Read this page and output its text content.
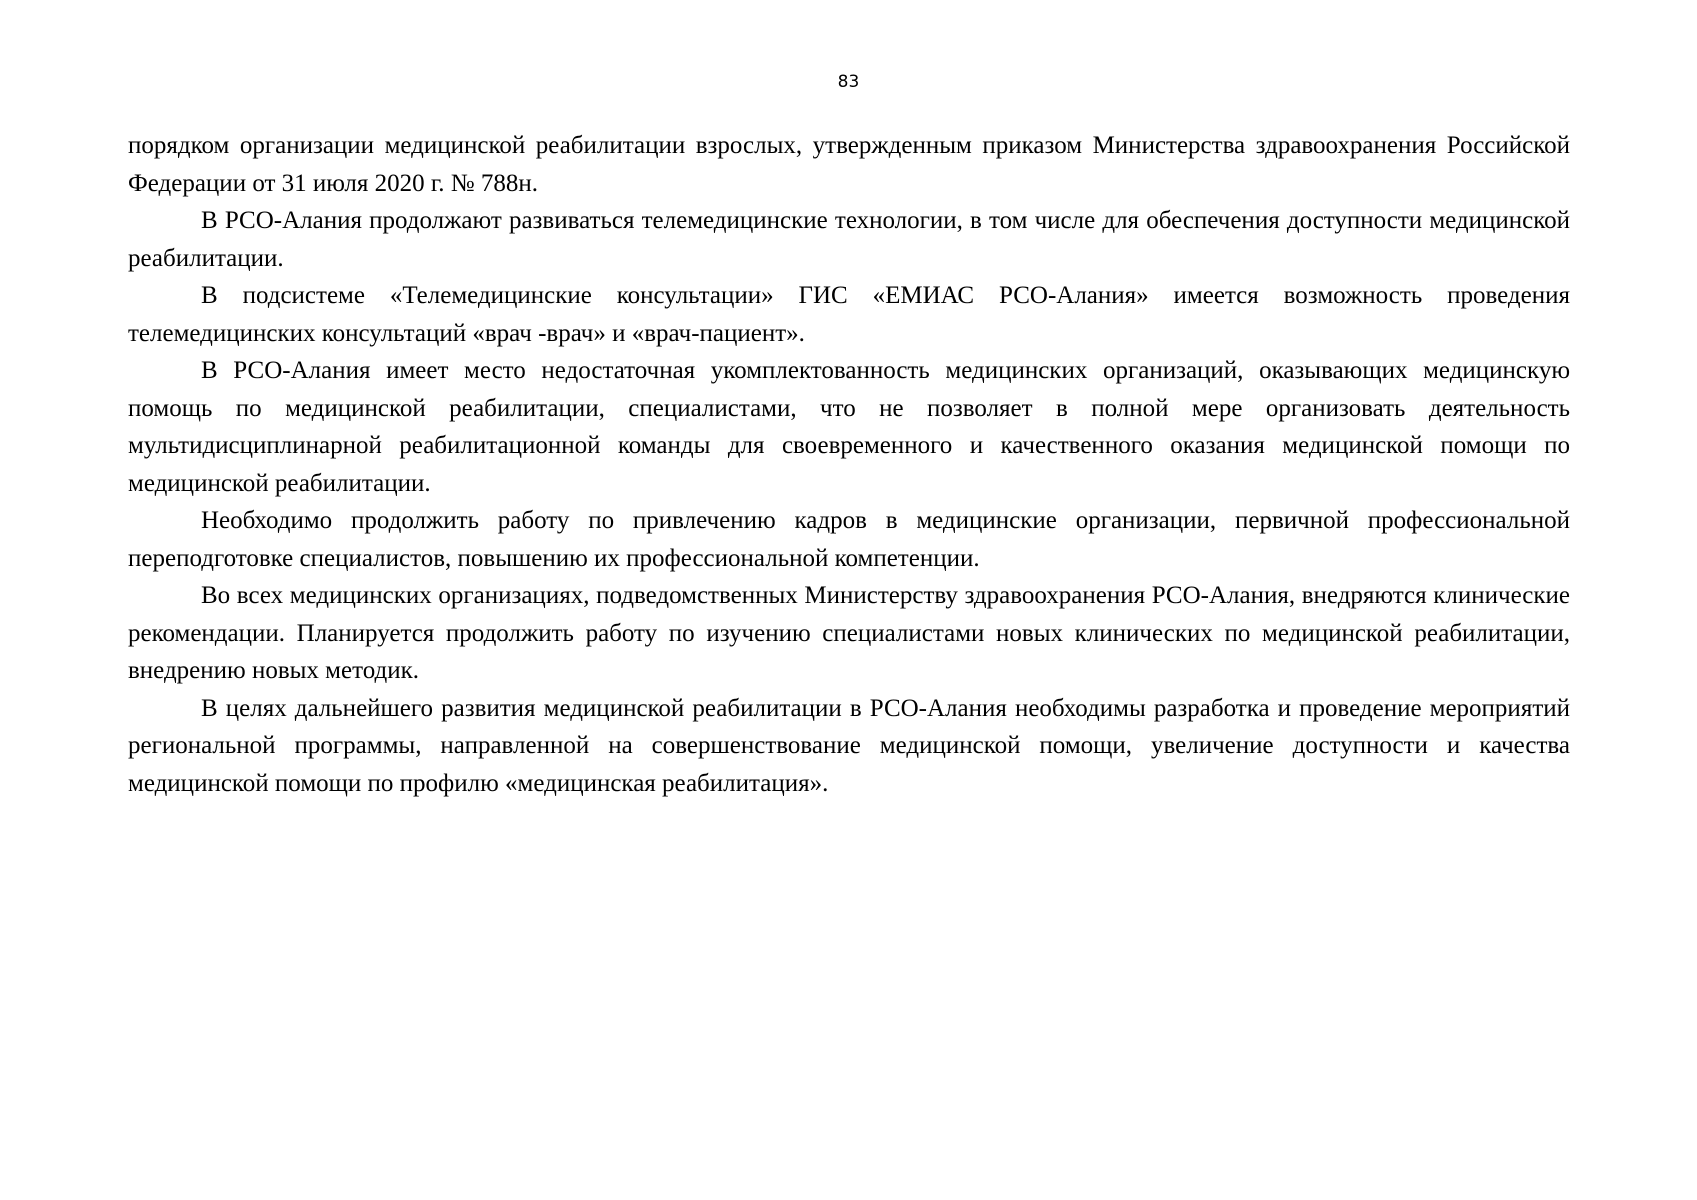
83

порядком организации медицинской реабилитации взрослых, утвержденным приказом Министерства здравоохранения Российской Федерации от 31 июля 2020 г. № 788н.

В РСО-Алания продолжают развиваться телемедицинские технологии, в том числе для обеспечения доступности медицинской реабилитации.

В подсистеме «Телемедицинские консультации» ГИС «ЕМИАС РСО-Алания» имеется возможность проведения телемедицинских консультаций «врач -врач» и «врач-пациент».

В РСО-Алания имеет место недостаточная укомплектованность медицинских организаций, оказывающих медицинскую помощь по медицинской реабилитации, специалистами, что не позволяет в полной мере организовать деятельность мультидисциплинарной реабилитационной команды для своевременного и качественного оказания медицинской помощи по медицинской реабилитации.

Необходимо продолжить работу по привлечению кадров в медицинские организации, первичной профессиональной переподготовке специалистов, повышению их профессиональной компетенции.

Во всех медицинских организациях, подведомственных Министерству здравоохранения РСО-Алания, внедряются клинические рекомендации. Планируется продолжить работу по изучению специалистами новых клинических по медицинской реабилитации, внедрению новых методик.

В целях дальнейшего развития медицинской реабилитации в РСО-Алания необходимы разработка и проведение мероприятий региональной программы, направленной на совершенствование медицинской помощи, увеличение доступности и качества медицинской помощи по профилю «медицинская реабилитация».
